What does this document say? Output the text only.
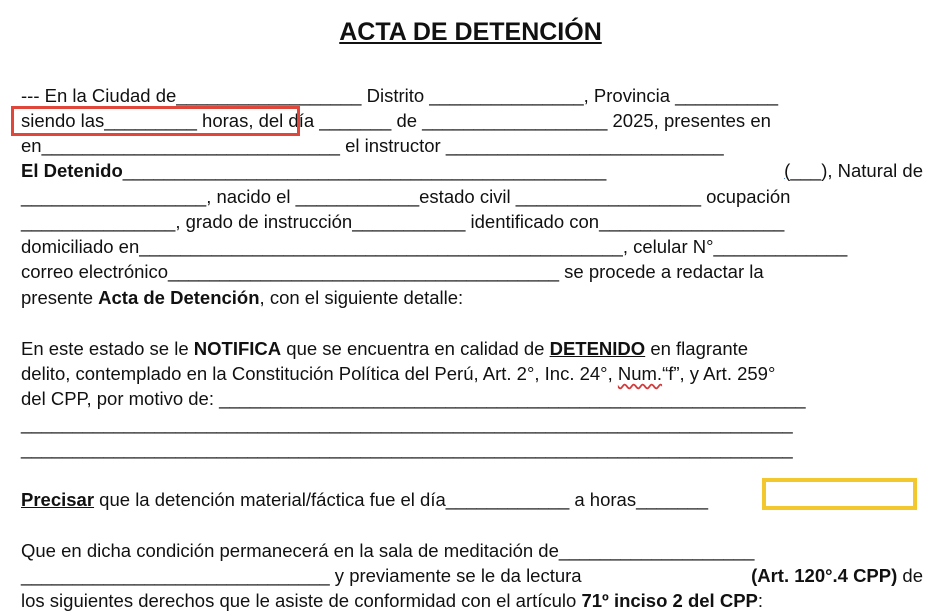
ACTA DE DETENCIÓN
--- En la Ciudad de__________________ Distrito _______________, Provincia __________
siendo las_________ horas, del día _______ de __________________ 2025, presentes en
en_____________________________ el instructor ___________________________
El Detenido_______________________________________________	(___), Natural de
__________________, nacido el ____________estado civil __________________ ocupación
_______________, grado de instrucción___________ identificado con__________________
domiciliado en_______________________________________________, celular N°_____________
correo electrónico______________________________________ se procede a redactar la
presente Acta de Detención, con el siguiente detalle:
En este estado se le NOTIFICA que se encuentra en calidad de DETENIDO en flagrante
delito, contemplado en la Constitución Política del Perú, Art. 2°, Inc. 24°, Num.“f”, y Art. 259°
del CPP, por motivo de: _________________________________________________________
___________________________________________________________________________
___________________________________________________________________________
Precisar que la detención material/fáctica fue el día____________ a horas_______
Que en dicha condición permanecerá en la sala de meditación de___________________
______________________________ y previamente se le da lectura	(Art. 120°.4 CPP) de
los siguientes derechos que le asiste de conformidad con el artículo 71º inciso 2 del CPP:
